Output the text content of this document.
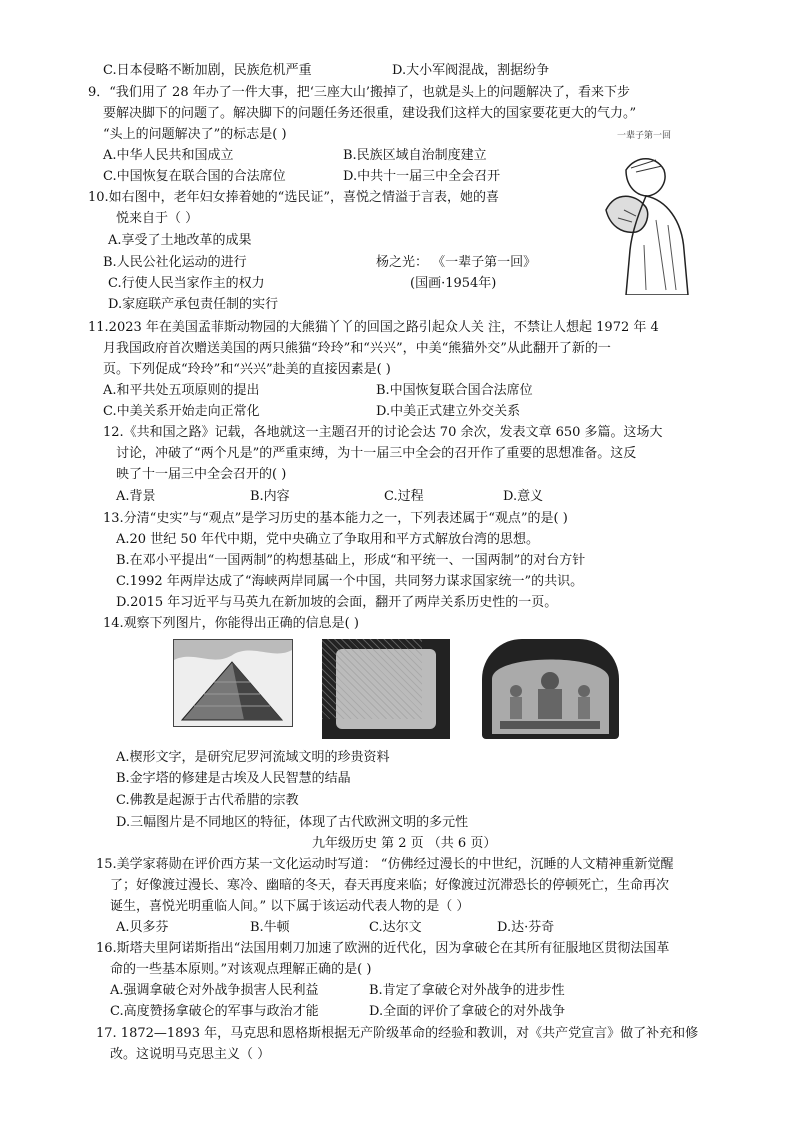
C.日本侵略不断加剧，民族危机严重	D.大小军阀混战，割据纷争
9．“我们用了 28 年办了一件大事，把‘三座大山’搬掉了，也就是头上的问题解决了，看来下步
要解决脚下的问题了。解决脚下的问题任务还很重，建设我们这样大的国家要花更大的气力。”
“头上的问题解决了”的标志是( )
A.中华人民共和国成立	B.民族区域自治制度建立
C.中国恢复在联合国的合法席位	D.中共十一届三中全会召开
10.如右图中，老年妇女捧着她的“选民证”，喜悦之情溢于言表，她的喜
悦来自于（ ）
A.享受了土地改革的成果
B.人民公社化运动的进行	杨之光： 《一辈子第一回》
C.行使人民当家作主的权力	(国画·1954年)
D.家庭联产承包责任制的实行
一辈子第一回
11.2023 年在美国孟菲斯动物园的大熊猫丫丫的回国之路引起众人关 注，不禁让人想起 1972 年 4
月我国政府首次赠送美国的两只熊猫“玲玲”和“兴兴”，中美“熊猫外交”从此翻开了新的一
页。下列促成“玲玲”和“兴兴”赴美的直接因素是( )
A.和平共处五项原则的提出	B.中国恢复联合国合法席位
C.中美关系开始走向正常化	D.中美正式建立外交关系
12.《共和国之路》记载，各地就这一主题召开的讨论会达 70 余次，发表文章 650 多篇。这场大
讨论，冲破了“两个凡是”的严重束缚，为十一届三中全会的召开作了重要的思想准备。这反
映了十一届三中全会召开的( )
A.背景	B.内容	C.过程	D.意义
13.分清“史实”与“观点”是学习历史的基本能力之一，下列表述属于“观点”的是( )
A.20 世纪 50 年代中期，党中央确立了争取用和平方式解放台湾的思想。
B.在邓小平提出“一国两制”的构想基础上，形成“和平统一、一国两制”的对台方针
C.1992 年两岸达成了“海峡两岸同属一个中国，共同努力谋求国家统一”的共识。
D.2015 年习近平与马英九在新加坡的会面，翻开了两岸关系历史性的一页。
14.观察下列图片，你能得出正确的信息是( )
A.楔形文字，是研究尼罗河流域文明的珍贵资料
B.金字塔的修建是古埃及人民智慧的结晶
C.佛教是起源于古代希腊的宗教
D.三幅图片是不同地区的特征，体现了古代欧洲文明的多元性
九年级历史 第 2 页 （共 6 页）
15.美学家蒋勋在评价西方某一文化运动时写道： “仿佛经过漫长的中世纪，沉睡的人文精神重新觉醒
了；好像渡过漫长、寒冷、幽暗的冬天，春天再度来临；好像渡过沉滞恐长的停顿死亡，生命再次
诞生，喜悦光明重临人间。” 以下属于该运动代表人物的是（ ）
A.贝多芬	B.牛顿	C.达尔文	D.达·芬奇
16.斯塔夫里阿诺斯指出“法国用刺刀加速了欧洲的近代化，因为拿破仑在其所有征服地区贯彻法国革
命的一些基本原则。”对该观点理解正确的是( )
A.强调拿破仑对外战争损害人民利益	B.肯定了拿破仑对外战争的进步性
C.高度赞扬拿破仑的军事与政治才能	D.全面的评价了拿破仑的对外战争
17. 1872—1893 年，马克思和恩格斯根据无产阶级革命的经验和教训，对《共产党宣言》做了补充和修
改。这说明马克思主义（ ）
